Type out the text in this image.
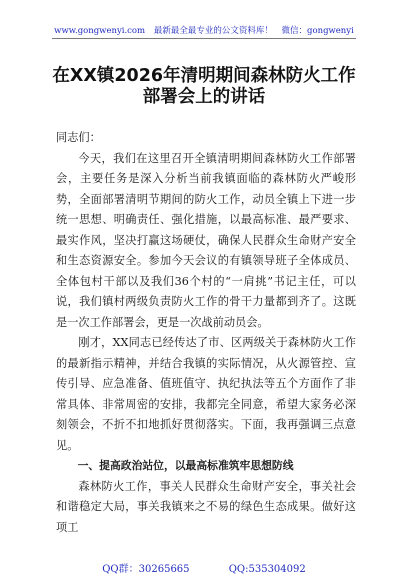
www.gongwenyi.com 最新最全最专业的公文资料库！ 微信：gongwenyi
在XX镇2026年清明期间森林防火工作
部署会上的讲话

同志们：

今天，我们在这里召开全镇清明期间森林防火工作部署会，主要任务是深入分析当前我镇面临的森林防火严峻形势，全面部署清明节期间的防火工作，动员全镇上下进一步统一思想、明确责任、强化措施，以最高标准、最严要求、最实作风，坚决打赢这场硬仗，确保人民群众生命财产安全和生态资源安全。参加今天会议的有镇领导班子全体成员、全体包村干部以及我们36个村的“一肩挑”书记主任，可以说，我们镇村两级负责防火工作的骨干力量都到齐了。这既是一次工作部署会，更是一次战前动员会。

刚才，XX同志已经传达了市、区两级关于森林防火工作的最新指示精神，并结合我镇的实际情况，从火源管控、宣传引导、应急准备、值班值守、执纪执法等五个方面作了非常具体、非常周密的安排，我都完全同意，希望大家务必深刻领会，不折不扣地抓好贯彻落实。下面，我再强调三点意见。

一、提高政治站位，以最高标准筑牢思想防线

森林防火工作，事关人民群众生命财产安全，事关社会和谐稳定大局，事关我镇来之不易的绿色生态成果。做好这项工

QQ群：30265665	QQ:535304092
